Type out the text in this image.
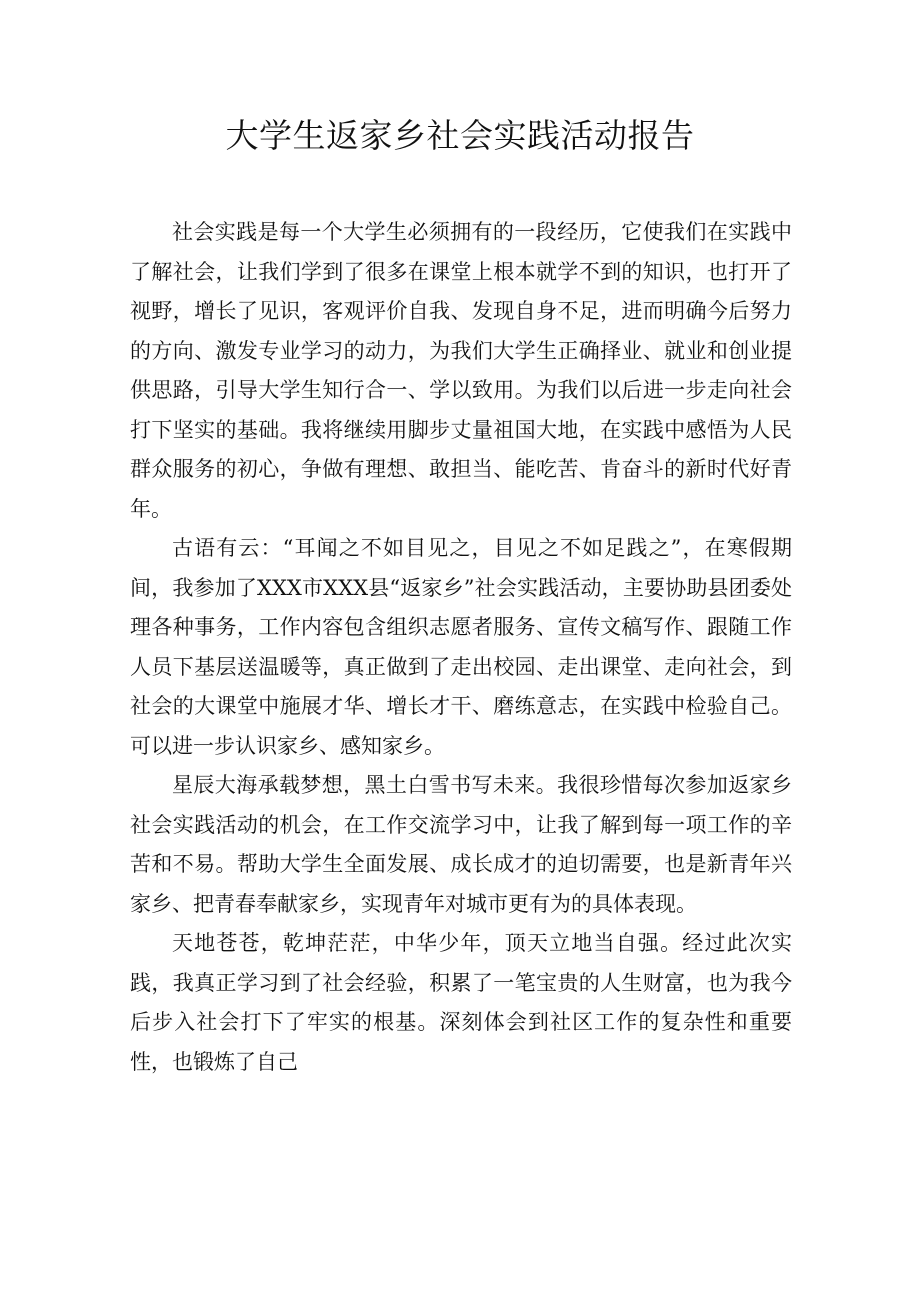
大学生返家乡社会实践活动报告

社会实践是每一个大学生必须拥有的一段经历，它使我们在实践中了解社会，让我们学到了很多在课堂上根本就学不到的知识，也打开了视野，增长了见识，客观评价自我、发现自身不足，进而明确今后努力的方向、激发专业学习的动力，为我们大学生正确择业、就业和创业提供思路，引导大学生知行合一、学以致用。为我们以后进一步走向社会打下坚实的基础。我将继续用脚步丈量祖国大地，在实践中感悟为人民群众服务的初心，争做有理想、敢担当、能吃苦、肯奋斗的新时代好青年。

古语有云：“耳闻之不如目见之，目见之不如足践之”，在寒假期间，我参加了XXX市XXX县“返家乡”社会实践活动，主要协助县团委处理各种事务，工作内容包含组织志愿者服务、宣传文稿写作、跟随工作人员下基层送温暖等，真正做到了走出校园、走出课堂、走向社会，到社会的大课堂中施展才华、增长才干、磨练意志，在实践中检验自己。可以进一步认识家乡、感知家乡。

星辰大海承载梦想，黑土白雪书写未来。我很珍惜每次参加返家乡社会实践活动的机会，在工作交流学习中，让我了解到每一项工作的辛苦和不易。帮助大学生全面发展、成长成才的迫切需要，也是新青年兴家乡、把青春奉献家乡，实现青年对城市更有为的具体表现。

天地苍苍，乾坤茫茫，中华少年，顶天立地当自强。经过此次实践，我真正学习到了社会经验，积累了一笔宝贵的人生财富，也为我今后步入社会打下了牢实的根基。深刻体会到社区工作的复杂性和重要性，也锻炼了自己
